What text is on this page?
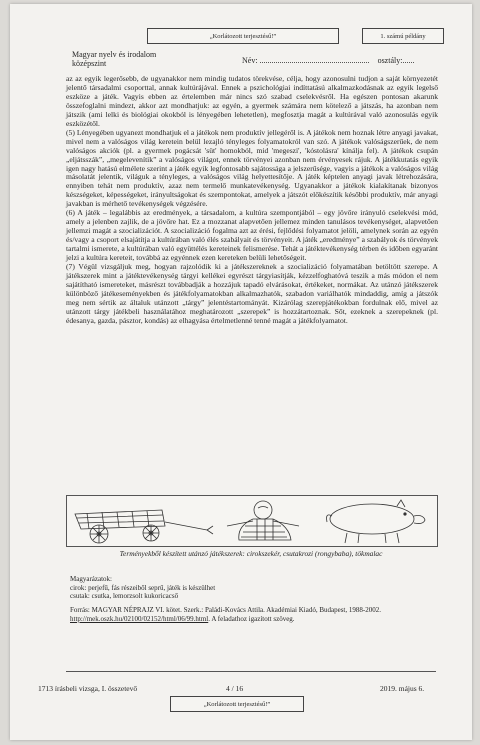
„Korlátozott terjesztésű!”	1. számú példány
Magyar nyelv és irodalom
középszint	Név: ....................................................... osztály:......

az az egyik legerősebb, de ugyanakkor nem mindig tudatos törekvése, célja, hogy azonosulni tudjon a saját környezetét jelentő társadalmi csoporttal, annak kultúrájával. Ennek a pszichológiai indíttatású alkalmazkodásnak az egyik legelső eszköze a játék. Vagyis ebben az értelemben már nincs szó szabad cselekvésről. Ha egészen pontosan akarunk összefoglalni mindezt, akkor azt mondhatjuk: az egyén, a gyermek számára nem kötelező a játszás, ha azonban nem játszik (ami lelki és biológiai okokból is lényegében lehetetlen), megfosztja magát a kultúrával való azonosulás egyik eszközétől.

(5) Lényegében ugyanezt mondhatjuk el a játékok nem produktív jellegéről is. A játékok nem hoznak létre anyagi javakat, mivel nem a valóságos világ keretein belül lezajló tényleges folyamatokról van szó. A játékok valóságszerűek, de nem valóságos akciók (pl. a gyermek pogácsát 'süt' homokból, mid 'megeszi', 'kóstolásra' kínálja fel). A játékok csupán „eljátsszák”, „megelevenítik” a valóságos világot, ennek törvényei azonban nem érvényesek rájuk. A játékkutatás egyik igen nagy hatású elmélete szerint a játék egyik legfontosabb sajátossága a jelszerűsége, vagyis a játékok a valóságos világ másolatát jelentik, világuk a tényleges, a valóságos világ helyettesítője. A játék képtelen anyagi javak létrehozására, ennyiben tehát nem produktív, azaz nem termelő munkatevékenység. Ugyanakkor a játékok kialakítanak bizonyos készségeket, képességeket, irányultságokat és szempontokat, amelyek a játszót előkészítik későbbi produktív, már anyagi javakban is mérhető tevékenységek végzésére.

(6) A játék – legalábbis az eredmények, a társadalom, a kultúra szempontjából – egy jövőre irányuló cselekvési mód, amely a jelenben zajlik, de a jövőre hat. Ez a mozzanat alapvetően jellemez minden tanulásos tevékenységet, alapvetően jellemzi magát a szocializációt. A szocializáció fogalma azt az érési, fejlődési folyamatot jelöli, amelynek során az egyén és/vagy a csoport elsajátítja a kultúrában való élés szabályait és törvényeit. A játék „eredménye” a szabályok és törvények tartalmi ismerete, a kultúrában való együttélés kereteinek felismerése. Tehát a játéktevékenység térben és időben egyaránt jelzi a kultúra kereteit, továbbá az egyénnek ezen kereteken belüli lehetőségeit.

(7) Végül vizsgáljuk meg, hogyan rajzolódik ki a játékszereknek a szocializáció folyamatában betöltött szerepe. A játékszerek mint a játéktevékenység tárgyi kellékei egyrészt tárgyiasítják, kézzelfoghatóvá teszik a más módon el nem sajátítható ismereteket, másrészt továbbadják a hozzájuk tapadó elvárásokat, értékeket, normákat. Az utánzó játékszerek különböző játékeseményekben és játékfolyamatokban alkalmazhatók, szabadon variálhatók mindaddig, amíg a játszók meg nem sértik az általuk utánzott „tárgy” jelentéstartományát. Kizárólag szerepjátékokban fordulnak elő, mivel az utánzott tárgy játékbeli használatához meghatározott „szerepek” is hozzátartoznak. Sőt, ezeknek a szerepeknek (pl. édesanya, gazda, pásztor, kondás) az elhagyása értelmetlenné tenné magát a játékfolyamatot.

Terményekből készített utánzó játékszerek: cirokszekér, csutakrozi (rongybaba), tökmalac
Magyarázatok:
cirok: perjefű, fás részeiből seprű, játék is készülhet
csutak: csutka, lemorzsolt kukoricacső
Forrás: MAGYAR NÉPRAJZ VI. kötet. Szerk.: Paládi-Kovács Attila. Akadémiai Kiadó, Budapest, 1988-2002.
http://mek.oszk.hu/02100/02152/html/06/99.html. A feladathoz igazított szöveg.
1713 írásbeli vizsga, I. összetevő	4 / 16	2019. május 6.
„Korlátozott terjesztésű!”
